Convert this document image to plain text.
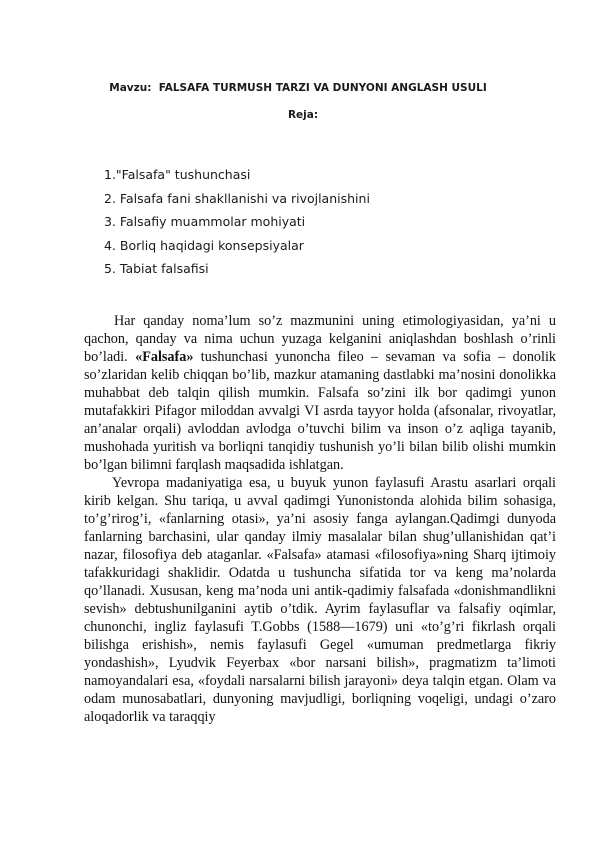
Mavzu: FALSAFA TURMUSH TARZI VA DUNYONI ANGLASH USULI
Reja:
1."Falsafa" tushunchasi
2. Falsafa fani shakllanishi va rivojlanishini
3. Falsafiy muammolar mohiyati
4. Borliq haqidagi konsepsiyalar
5. Tabiat falsafisi

Har qanday noma’lum so’z mazmunini uning etimologiyasidan, ya’ni u qachon, qanday va nima uchun yuzaga kelganini aniqlashdan boshlash o’rinli bo’ladi. «Falsafa» tushunchasi yunoncha fileo – sevaman va sofia – donolik so’zlaridan kelib chiqqan bo’lib, mazkur atamaning dastlabki ma’nosini donolikka muhabbat deb talqin qilish mumkin. Falsafa so’zini ilk bor qadimgi yunon mutafakkiri Pifagor miloddan avvalgi VI asrda tayyor holda (afsonalar, rivoyatlar, an’analar orqali) avloddan avlodga o’tuvchi bilim va inson o’z aqliga tayanib, mushohada yuritish va borliqni tanqidiy tushunish yo’li bilan bilib olishi mumkin bo’lgan bilimni farqlash maqsadida ishlatgan.

Yevropa madaniyatiga esa, u buyuk yunon faylasufi Arastu asarlari orqali kirib kelgan. Shu tariqa, u avval qadimgi Yunonistonda alohida bilim sohasiga, to’g’rirog’i, «fanlarning otasi», ya’ni asosiy fanga aylangan.Qadimgi dunyoda fanlarning barchasini, ular qanday ilmiy masalalar bilan shug’ullanishidan qat’i nazar, filosofiya deb ataganlar. «Falsafa» atamasi «filosofiya»ning Sharq ijtimoiy tafakkuridagi shaklidir. Odatda u tushuncha sifatida tor va keng ma’nolarda qo’llanadi. Xususan, keng ma’noda uni antik-qadimiy falsafada «donishmandlikni sevish» debtushunilganini aytib o’tdik. Ayrim faylasuflar va falsafiy oqimlar, chunonchi, ingliz faylasufi T.Gobbs (1588—1679) uni «to’g’ri fikrlash orqali bilishga erishish», nemis faylasufi Gegel «umuman predmetlarga fikriy yondashish», Lyudvik Feyerbax «bor narsani bilish», pragmatizm ta’limoti namoyandalari esa, «foydali narsalarni bilish jarayoni» deya talqin etgan. Olam va odam munosabatlari, dunyoning mavjudligi, borliqning voqeligi, undagi o’zaro aloqadorlik va taraqqiy
